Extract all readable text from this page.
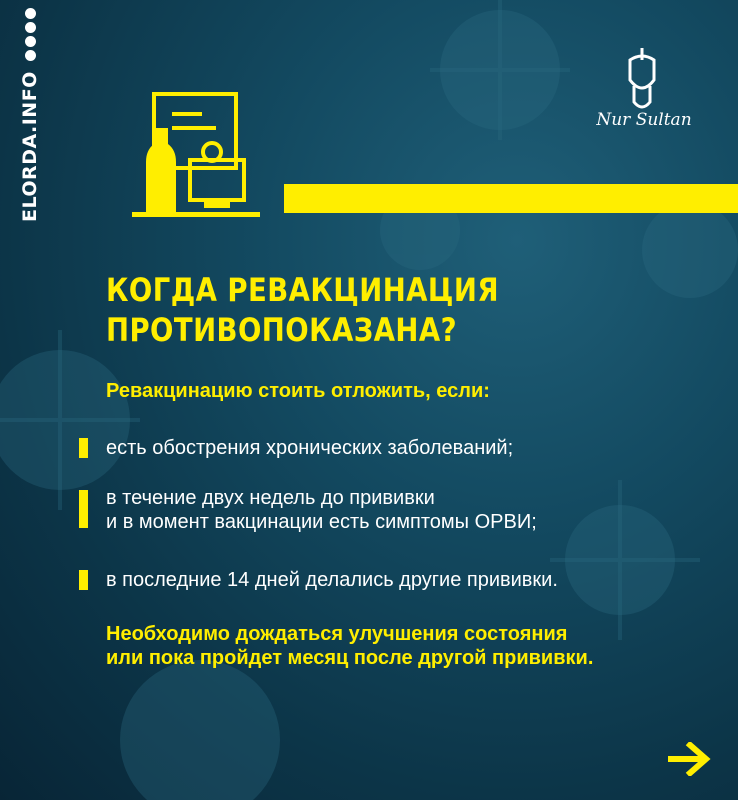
ELORDA.INFO	Nur Sultan
КОГДА РЕВАКЦИНАЦИЯ
ПРОТИВОПОКАЗАНА?
Ревакцинацию стоить отложить, если:
есть обострения хронических заболеваний;
в течение двух недель до прививки
и в момент вакцинации есть симптомы ОРВИ;
в последние 14 дней делались другие прививки.
Необходимо дождаться улучшения состояния
или пока пройдет месяц после другой прививки.
